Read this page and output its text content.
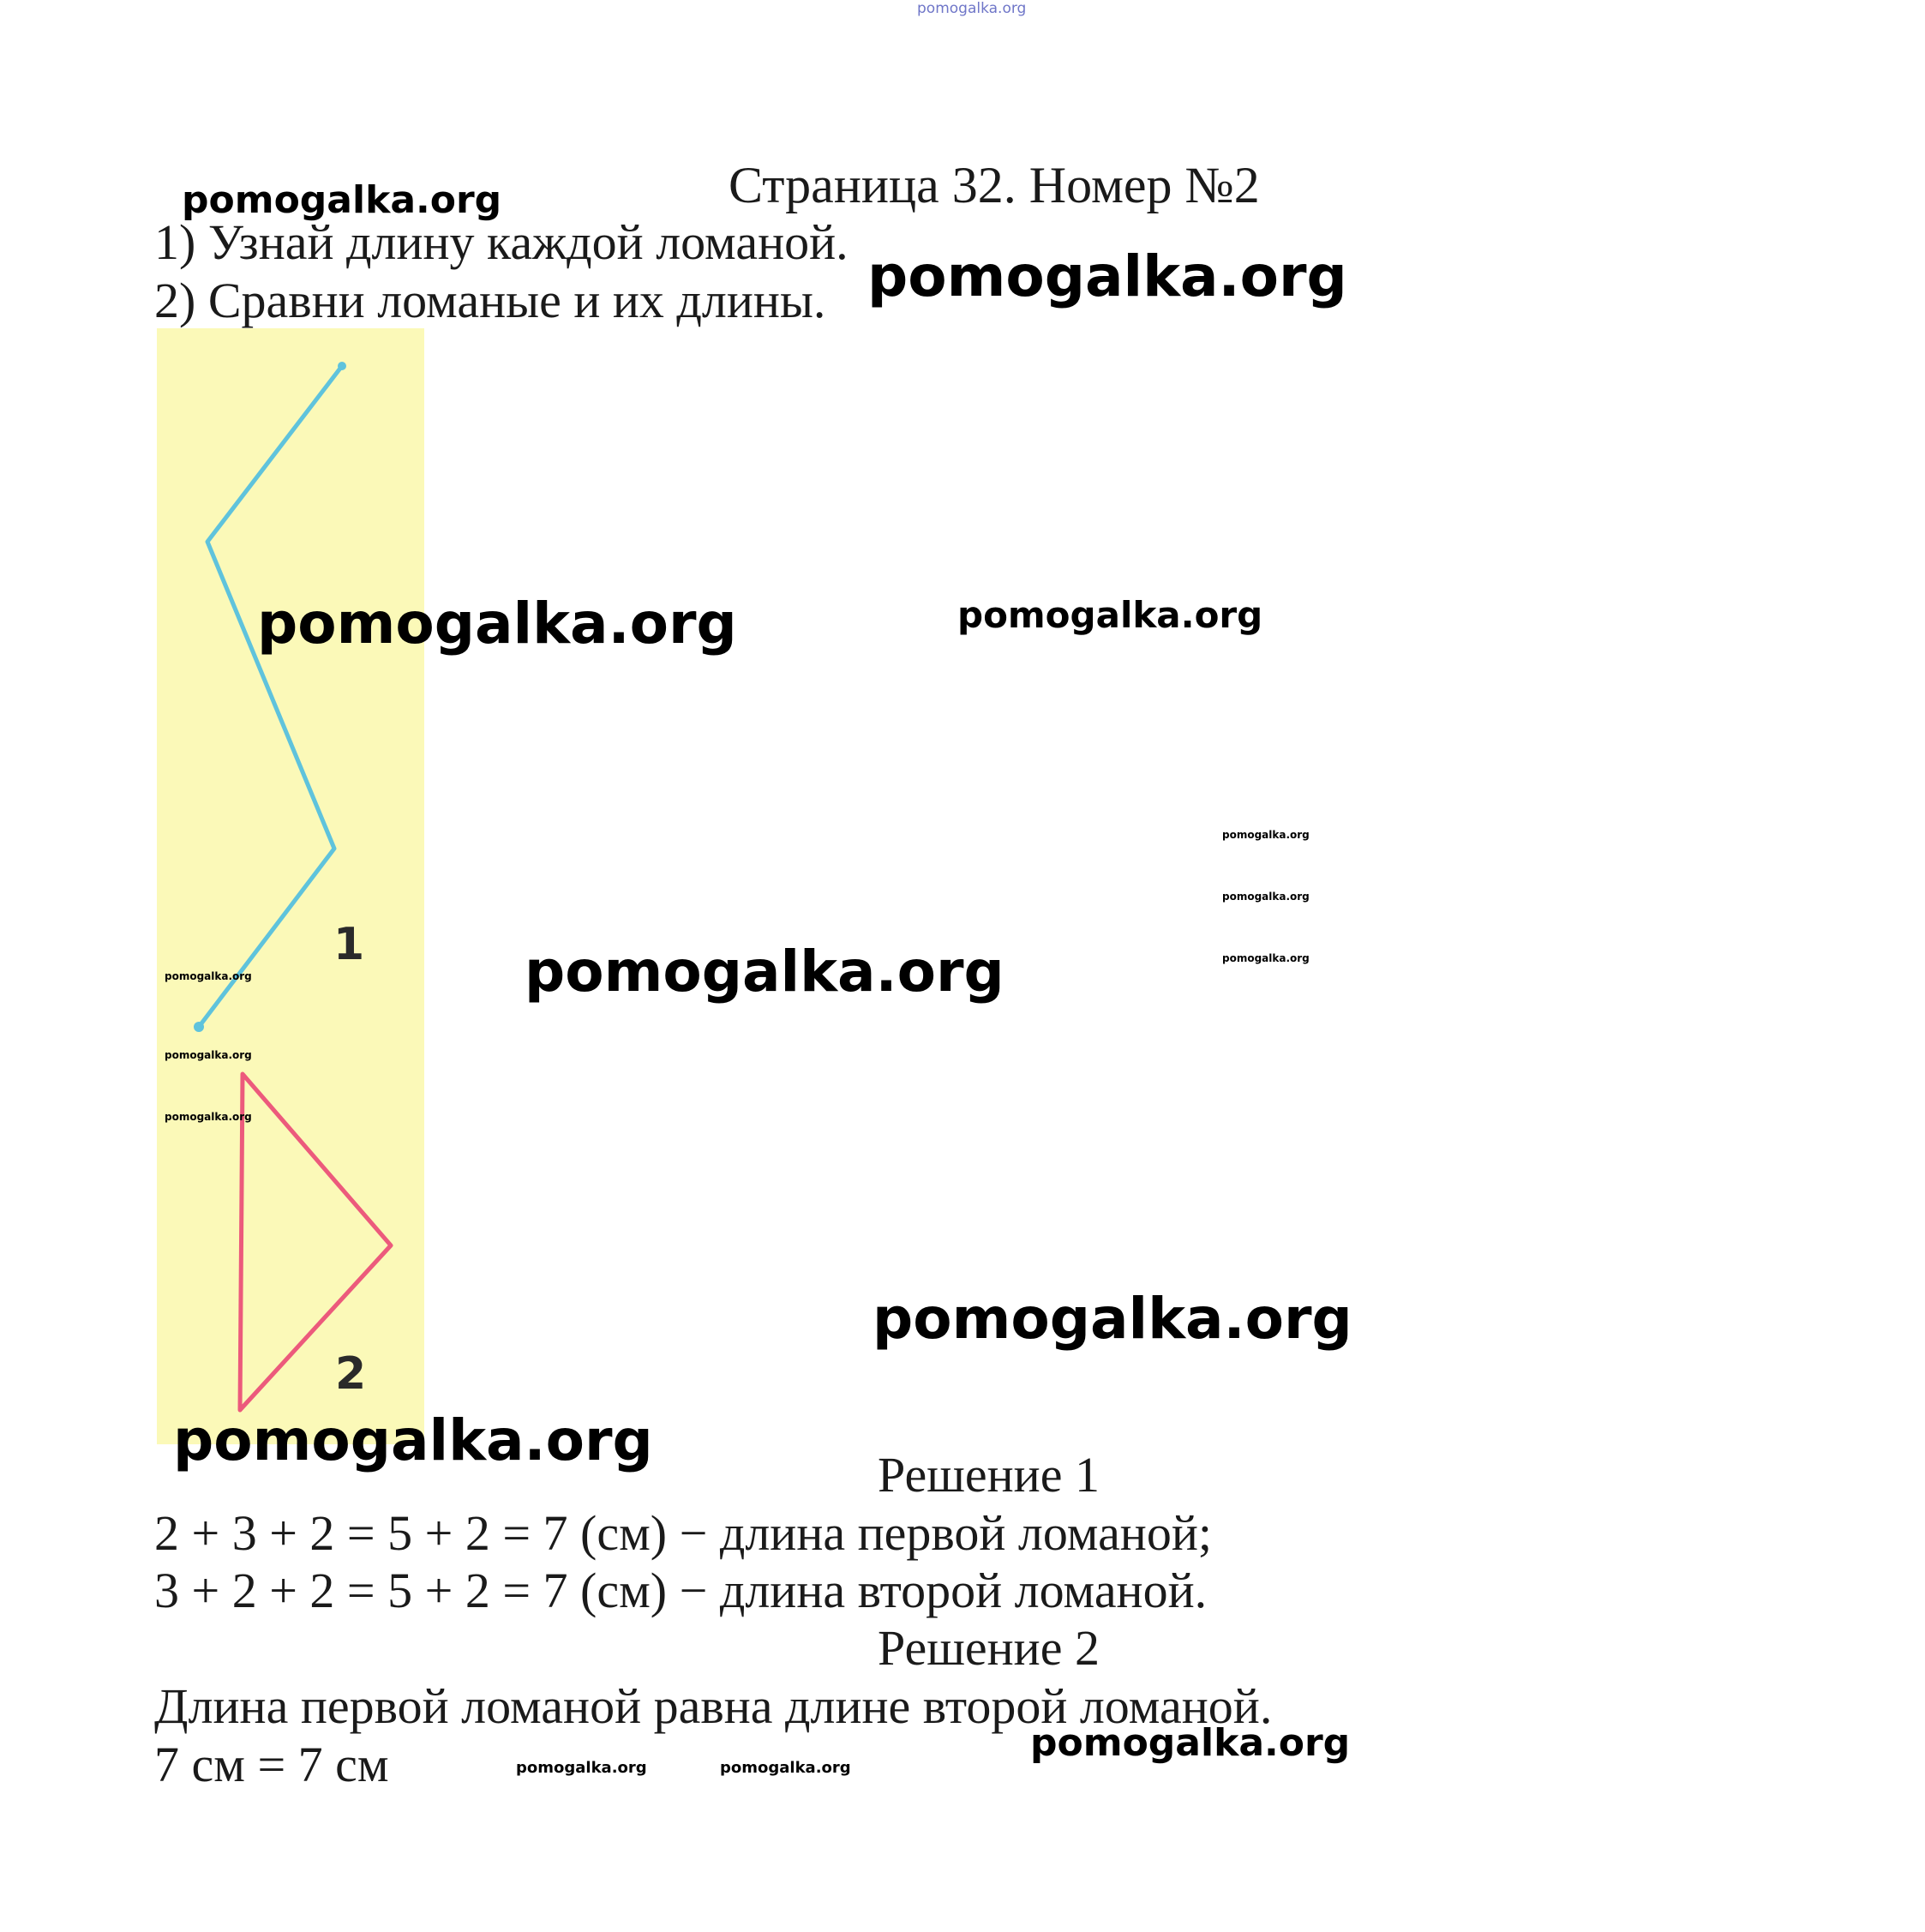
pomogalka.org
Страница 32. Номер №2
pomogalka.org
1) Узнай длину каждой ломаной.
2) Сравни ломаные и их длины. pomogalka.org
1
2
pomogalka.org	pomogalka.org
pomogalka.org
pomogalka.org
pomogalka.org
pomogalka.org
pomogalka.org
pomogalka.org
pomogalka.org
pomogalka.org
pomogalka.org
Решение 1
2 + 3 + 2 = 5 + 2 = 7 (см) − длина первой ломаной;
3 + 2 + 2 = 5 + 2 = 7 (см) − длина второй ломаной.
Решение 2
Длина первой ломаной равна длине второй ломаной.
7 см = 7 см	pomogalka.org
pomogalka.org	pomogalka.org
